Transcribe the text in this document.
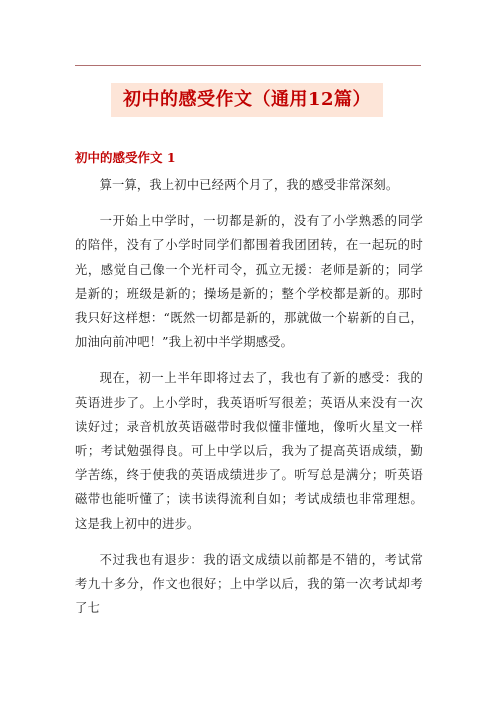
初中的感受作文（通用12篇）
初中的感受作文 1

算一算，我上初中已经两个月了，我的感受非常深刻。

一开始上中学时，一切都是新的，没有了小学熟悉的同学的陪伴，没有了小学时同学们都围着我团团转，在一起玩的时光，感觉自己像一个光杆司令，孤立无援：老师是新的；同学是新的；班级是新的；操场是新的；整个学校都是新的。那时我只好这样想：“既然一切都是新的，那就做一个崭新的自己，加油向前冲吧！”我上初中半学期感受。

现在，初一上半年即将过去了，我也有了新的感受：我的英语进步了。上小学时，我英语听写很差；英语从来没有一次读好过；录音机放英语磁带时我似懂非懂地，像听火星文一样听；考试勉强得良。可上中学以后，我为了提高英语成绩，勤学苦练，终于使我的英语成绩进步了。听写总是满分；听英语磁带也能听懂了；读书读得流利自如；考试成绩也非常理想。这是我上初中的进步。

不过我也有退步：我的语文成绩以前都是不错的，考试常考九十多分，作文也很好；上中学以后，我的第一次考试却考了七
